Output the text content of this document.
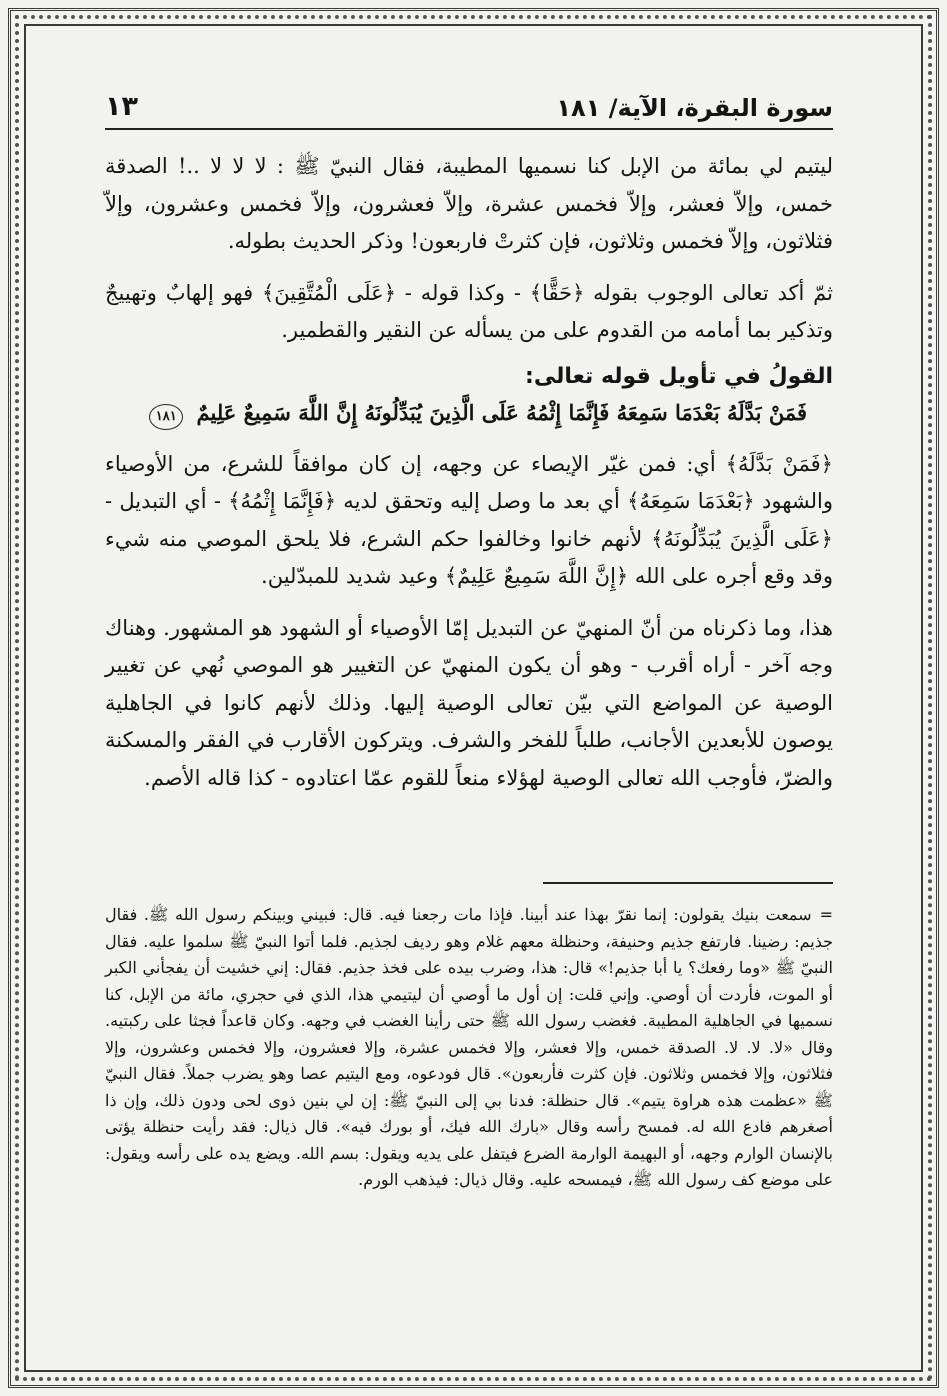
سورة البقرة، الآية/ ١٨١
١٣

ليتيم لي بمائة من الإبل كنا نسميها المطيبة، فقال النبيّ ﷺ : لا لا لا ..! الصدقة خمس، وإلاّ فعشر، وإلاّ فخمس عشرة، وإلاّ فعشرون، وإلاّ فخمس وعشرون، وإلاّ فثلاثون، وإلاّ فخمس وثلاثون، فإن كثرتْ فاربعون! وذكر الحديث بطوله.

ثمّ أكد تعالى الوجوب بقوله ﴿حَقًّا﴾ - وكذا قوله - ﴿عَلَى الْمُتَّقِينَ﴾ فهو إلهابٌ وتهييجٌ وتذكير بما أمامه من القدوم على من يسأله عن النقير والقطمير.

القولُ في تأويل قوله تعالى:
فَمَنْ بَدَّلَهُ بَعْدَمَا سَمِعَهُ فَإِنَّمَا إِثْمُهُ عَلَى الَّذِينَ يُبَدِّلُونَهُ إِنَّ اللَّهَ سَمِيعٌ عَلِيمٌ ١٨١

﴿فَمَنْ بَدَّلَهُ﴾ أي: فمن غيّر الإيصاء عن وجهه، إن كان موافقاً للشرع، من الأوصياء والشهود ﴿بَعْدَمَا سَمِعَهُ﴾ أي بعد ما وصل إليه وتحقق لديه ﴿فَإِنَّمَا إِثْمُهُ﴾ - أي التبديل - ﴿عَلَى الَّذِينَ يُبَدِّلُونَهُ﴾ لأنهم خانوا وخالفوا حكم الشرع، فلا يلحق الموصي منه شيء وقد وقع أجره على الله ﴿إِنَّ اللَّهَ سَمِيعٌ عَلِيمٌ﴾ وعيد شديد للمبدّلين.

هذا، وما ذكرناه من أنّ المنهيّ عن التبديل إمّا الأوصياء أو الشهود هو المشهور. وهناك وجه آخر - أراه أقرب - وهو أن يكون المنهيّ عن التغيير هو الموصي نُهي عن تغيير الوصية عن المواضع التي بيّن تعالى الوصية إليها. وذلك لأنهم كانوا في الجاهلية يوصون للأبعدين الأجانب، طلباً للفخر والشرف. ويتركون الأقارب في الفقر والمسكنة والضرّ، فأوجب الله تعالى الوصية لهؤلاء منعاً للقوم عمّا اعتادوه - كذا قاله الأصم.

=
سمعت بنيك يقولون: إنما نقرّ بهذا عند أبينا. فإذا مات رجعنا فيه. قال: فبيني وبينكم رسول الله ﷺ. فقال جذيم: رضينا. فارتفع جذيم وحنيفة، وحنظلة معهم غلام وهو رديف لجذيم. فلما أتوا النبيّ ﷺ سلموا عليه. فقال النبيّ ﷺ «وما رفعك؟ يا أبا جذيم!» قال: هذا، وضرب بيده على فخذ جذيم. فقال: إني خشيت أن يفجأني الكبر أو الموت، فأردت أن أوصي. وإني قلت: إن أول ما أوصي أن ليتيمي هذا، الذي في حجري، مائة من الإبل، كنا نسميها في الجاهلية المطيبة. فغضب رسول الله ﷺ حتى رأينا الغضب في وجهه. وكان قاعداً فجثا على ركبتيه. وقال «لا. لا. لا. الصدقة خمس، وإلا فعشر، وإلا فخمس عشرة، وإلا فعشرون، وإلا فخمس وعشرون، وإلا فثلاثون، وإلا فخمس وثلاثون. فإن كثرت فأربعون». قال فودعوه، ومع اليتيم عصا وهو يضرب جملاً. فقال النبيّ ﷺ «عظمت هذه هراوة يتيم». قال حنظلة: فدنا بي إلى النبيّ ﷺ: إن لي بنين ذوى لحى ودون ذلك، وإن ذا أصغرهم فادع الله له. فمسح رأسه وقال «بارك الله فيك، أو بورك فيه». قال ذيال: فقد رأيت حنظلة يؤتى بالإنسان الوارم وجهه، أو البهيمة الوارمة الضرع فيتفل على يديه ويقول: بسم الله. ويضع يده على رأسه ويقول: على موضع كف رسول الله ﷺ، فيمسحه عليه. وقال ذيال: فيذهب الورم.
